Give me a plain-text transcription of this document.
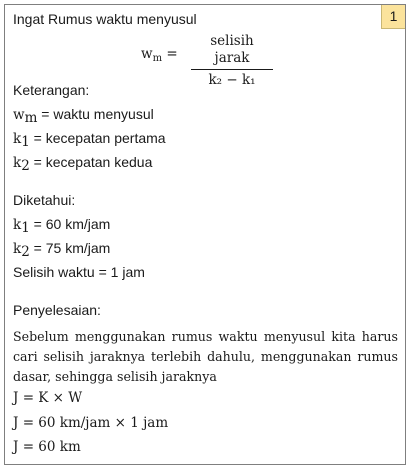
1
Ingat Rumus waktu menyusul
$w_m$ =
selisih jarak
k₂ − k₁
Keterangan:
$w_m$ = waktu menyusul
$k_1$ = kecepatan pertama
$k_2$ = kecepatan kedua
Diketahui:
$k_1 = 60$ km/jam
$k_2 = 75$ km/jam
Selisih waktu = 1 jam
Penyelesaian:
Sebelum menggunakan rumus waktu menyusul kita harus cari selisih jaraknya terlebih dahulu, menggunakan rumus dasar, sehingga selisih jaraknya
J = K × W
J = 60 km/jam × 1 jam
J = 60 km
